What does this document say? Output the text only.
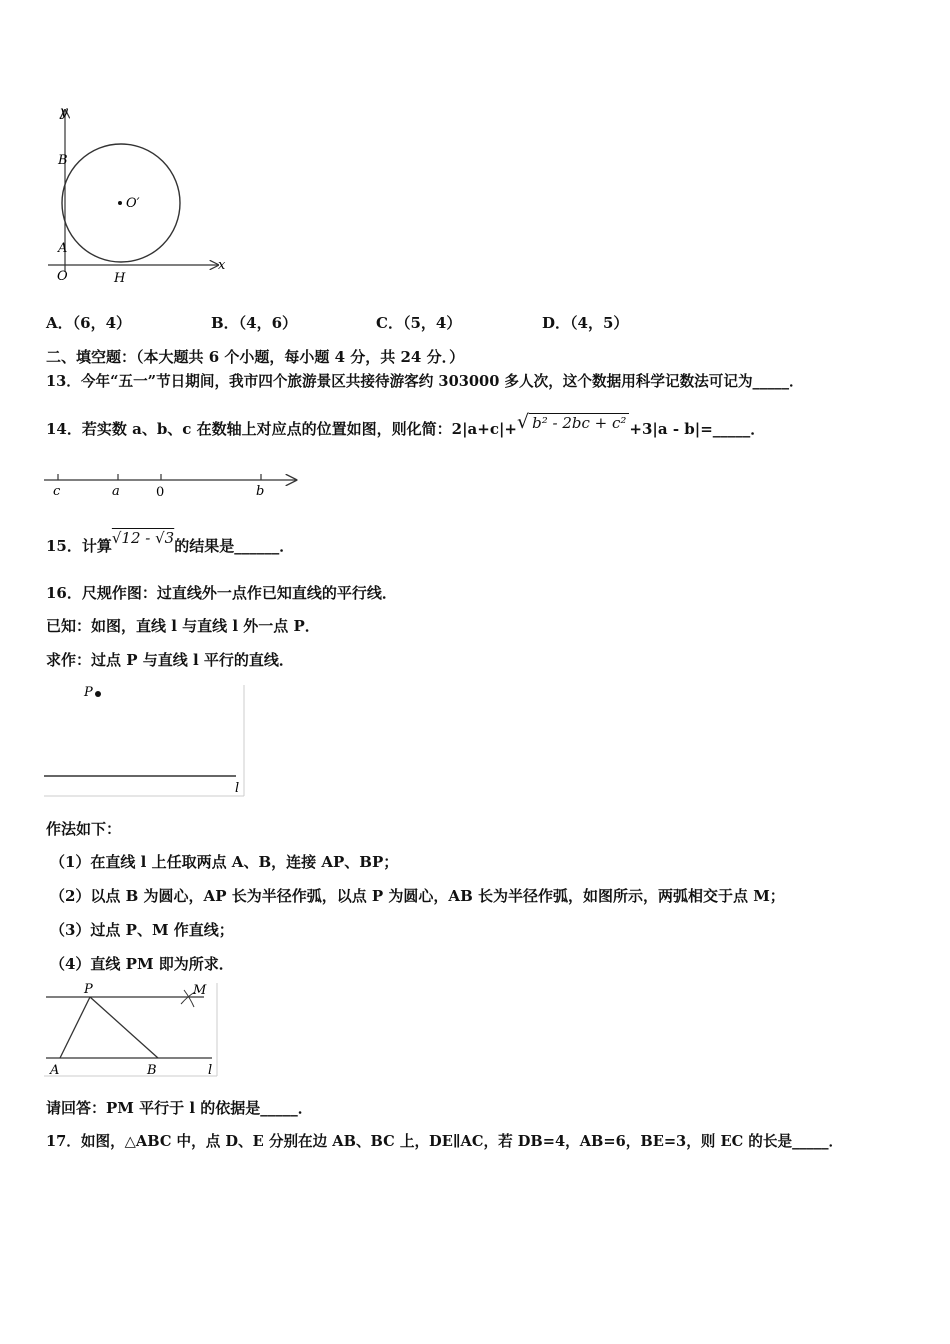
y
B
O′
A
O	H
x
A．（6，4）	B．（4，6）	C．（5，4）	D．（4，5）
二、填空题：（本大题共 6 个小题，每小题 4 分，共 24 分．）
13．今年“五一”节日期间，我市四个旅游景区共接待游客约 303000 多人次，这个数据用科学记数法可记为_____．
14．若实数 a、b、c 在数轴上对应点的位置如图，则化简：2|a+c|+√ b² - 2bc + c² +3|a - b|=_____．
c	a	0	b
15．计算√12 - √3的结果是______．
16．尺规作图：过直线外一点作已知直线的平行线．
已知：如图，直线 l 与直线 l 外一点 P．
求作：过点 P 与直线 l 平行的直线．
P
l
作法如下：
（1）在直线 l 上任取两点 A、B，连接 AP、BP；
（2）以点 B 为圆心，AP 长为半径作弧，以点 P 为圆心，AB 长为半径作弧，如图所示，两弧相交于点 M；
（3）过点 P、M 作直线；
（4）直线 PM 即为所求．
P	M
A	B	l
请回答：PM 平行于 l 的依据是_____．
17．如图，△ABC 中，点 D、E 分别在边 AB、BC 上，DE∥AC，若 DB=4，AB=6，BE=3，则 EC 的长是_____．
